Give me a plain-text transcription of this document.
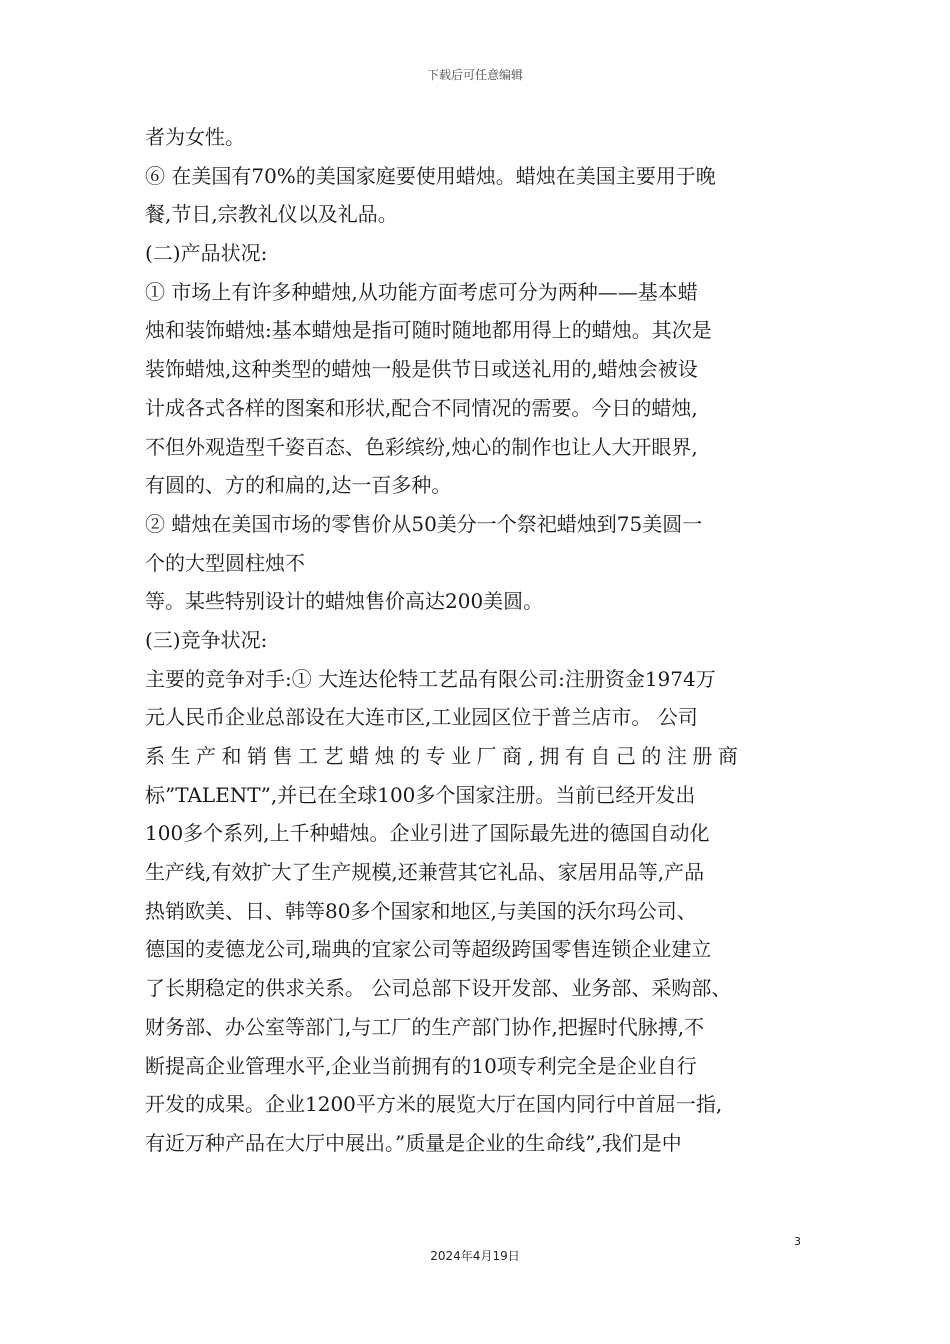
下载后可任意编辑
者为女性。
⑥ 在美国有70%的美国家庭要使用蜡烛。蜡烛在美国主要用于晚
餐,节日,宗教礼仪以及礼品。
(二)产品状况:
① 市场上有许多种蜡烛,从功能方面考虑可分为两种——基本蜡
烛和装饰蜡烛:基本蜡烛是指可随时随地都用得上的蜡烛。其次是
装饰蜡烛,这种类型的蜡烛一般是供节日或送礼用的,蜡烛会被设
计成各式各样的图案和形状,配合不同情况的需要。今日的蜡烛,
不但外观造型千姿百态、色彩缤纷,烛心的制作也让人大开眼界,
有圆的、方的和扁的,达一百多种。
② 蜡烛在美国市场的零售价从50美分一个祭祀蜡烛到75美圆一
个的大型圆柱烛不
等。某些特别设计的蜡烛售价高达200美圆。
(三)竞争状况:
主要的竞争对手:① 大连达伦特工艺品有限公司:注册资金1974万
元人民币企业总部设在大连市区,工业园区位于普兰店市。 公司
系生产和销售工艺蜡烛的专业厂商,拥有自己的注册商
标”TALENT”,并已在全球100多个国家注册。当前已经开发出
100多个系列,上千种蜡烛。企业引进了国际最先进的德国自动化
生产线,有效扩大了生产规模,还兼营其它礼品、家居用品等,产品
热销欧美、日、韩等80多个国家和地区,与美国的沃尔玛公司、
德国的麦德龙公司,瑞典的宜家公司等超级跨国零售连锁企业建立
了长期稳定的供求关系。 公司总部下设开发部、业务部、采购部、
财务部、办公室等部门,与工厂的生产部门协作,把握时代脉搏,不
断提高企业管理水平,企业当前拥有的10项专利完全是企业自行
开发的成果。企业1200平方米的展览大厅在国内同行中首屈一指,
有近万种产品在大厅中展出。”质量是企业的生命线”,我们是中
3
2024年4月19日
